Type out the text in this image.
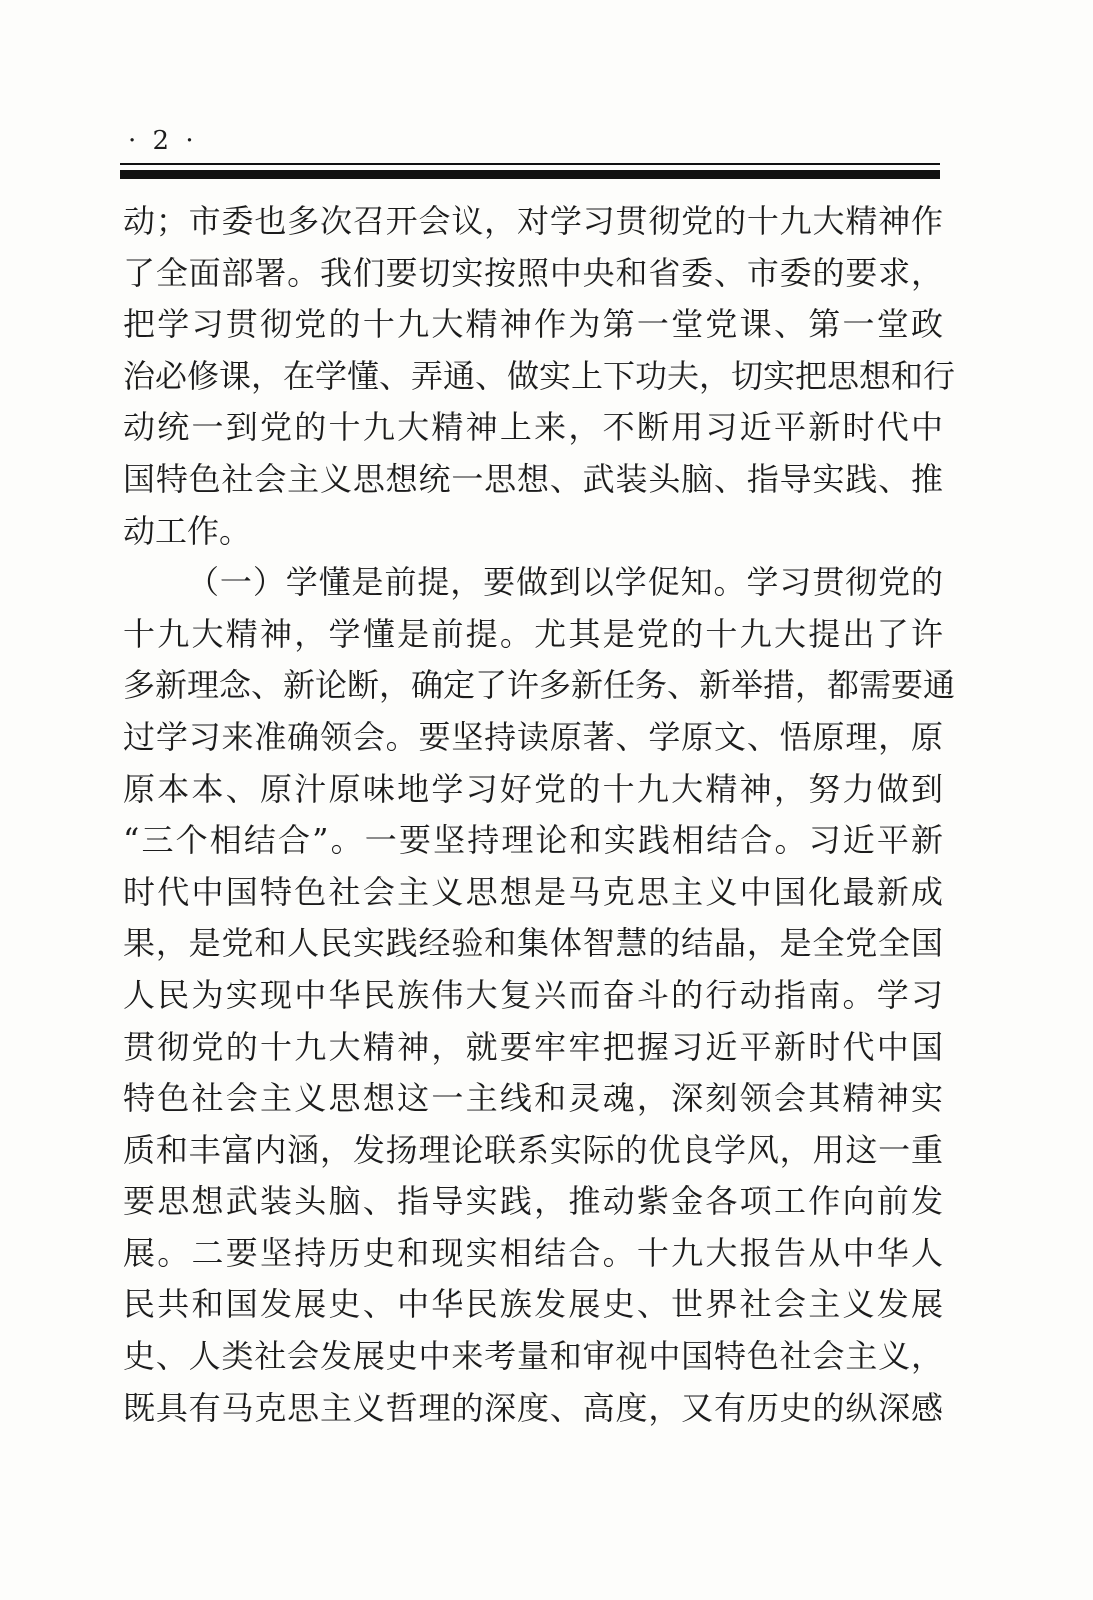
· 2 ·
动；市委也多次召开会议，对学习贯彻党的十九大精神作
了全面部署。我们要切实按照中央和省委、市委的要求，
把学习贯彻党的十九大精神作为第一堂党课、第一堂政
治必修课，在学懂、弄通、做实上下功夫，切实把思想和行
动统一到党的十九大精神上来，不断用习近平新时代中
国特色社会主义思想统一思想、武装头脑、指导实践、推
动工作。
（一）学懂是前提，要做到以学促知。学习贯彻党的
十九大精神，学懂是前提。尤其是党的十九大提出了许
多新理念、新论断，确定了许多新任务、新举措，都需要通
过学习来准确领会。要坚持读原著、学原文、悟原理，原
原本本、原汁原味地学习好党的十九大精神，努力做到
“三个相结合”。一要坚持理论和实践相结合。习近平新
时代中国特色社会主义思想是马克思主义中国化最新成
果，是党和人民实践经验和集体智慧的结晶，是全党全国
人民为实现中华民族伟大复兴而奋斗的行动指南。学习
贯彻党的十九大精神，就要牢牢把握习近平新时代中国
特色社会主义思想这一主线和灵魂，深刻领会其精神实
质和丰富内涵，发扬理论联系实际的优良学风，用这一重
要思想武装头脑、指导实践，推动紫金各项工作向前发
展。二要坚持历史和现实相结合。十九大报告从中华人
民共和国发展史、中华民族发展史、世界社会主义发展
史、人类社会发展史中来考量和审视中国特色社会主义，
既具有马克思主义哲理的深度、高度，又有历史的纵深感
